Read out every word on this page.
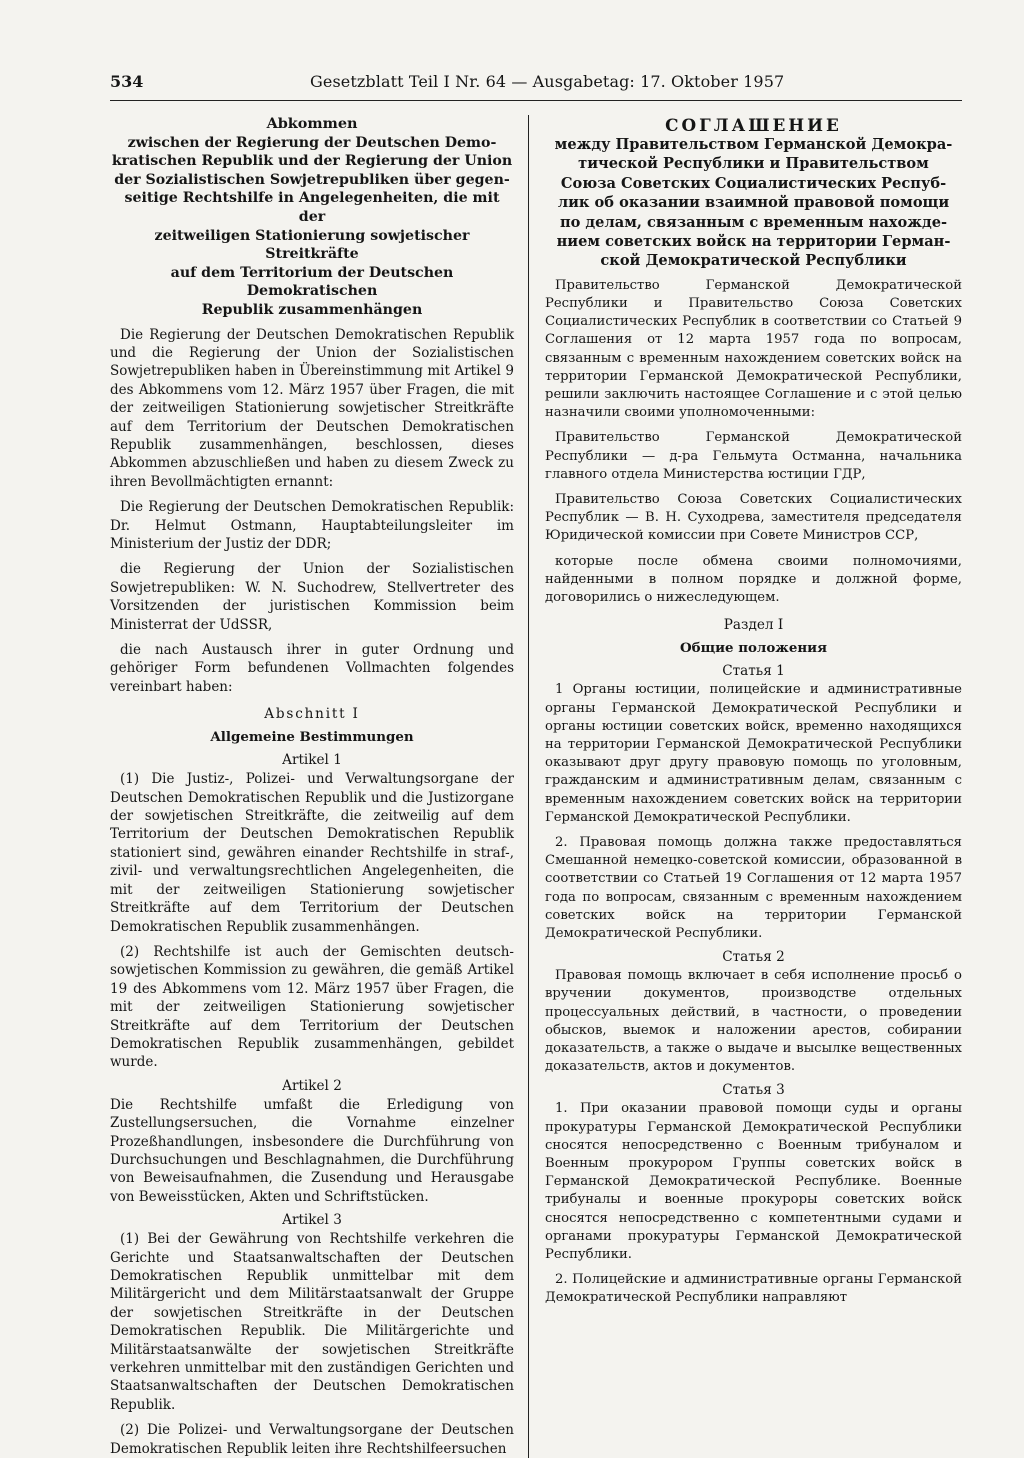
534	Gesetzblatt Teil I Nr. 64 — Ausgabetag: 17. Oktober 1957
Abkommen
zwischen der Regierung der Deutschen Demo-
kratischen Republik und der Regierung der Union
der Sozialistischen Sowjetrepubliken über gegen-
seitige Rechtshilfe in Angelegenheiten, die mit der
zeitweiligen Stationierung sowjetischer Streitkräfte
auf dem Territorium der Deutschen Demokratischen
Republik zusammenhängen

Die Regierung der Deutschen Demokratischen Republik und die Regierung der Union der Sozialistischen Sowjetrepubliken haben in Übereinstimmung mit Artikel 9 des Abkommens vom 12. März 1957 über Fragen, die mit der zeitweiligen Stationierung sowjetischer Streitkräfte auf dem Territorium der Deutschen Demokratischen Republik zusammenhängen, beschlossen, dieses Abkommen abzuschließen und haben zu diesem Zweck zu ihren Bevollmächtigten ernannt:

Die Regierung der Deutschen Demokratischen Republik: Dr. Helmut Ostmann, Hauptabteilungsleiter im Ministerium der Justiz der DDR;

die Regierung der Union der Sozialistischen Sowjetrepubliken: W. N. Suchodrew, Stellvertreter des Vorsitzenden der juristischen Kommission beim Ministerrat der UdSSR,

die nach Austausch ihrer in guter Ordnung und gehöriger Form befundenen Vollmachten folgendes vereinbart haben:

Abschnitt I
Allgemeine Bestimmungen
Artikel 1

(1) Die Justiz-, Polizei- und Verwaltungsorgane der Deutschen Demokratischen Republik und die Justizorgane der sowjetischen Streitkräfte, die zeitweilig auf dem Territorium der Deutschen Demokratischen Republik stationiert sind, gewähren einander Rechtshilfe in straf-, zivil- und verwaltungsrechtlichen Angelegenheiten, die mit der zeitweiligen Stationierung sowjetischer Streitkräfte auf dem Territorium der Deutschen Demokratischen Republik zusammenhängen.

(2) Rechtshilfe ist auch der Gemischten deutsch-sowjetischen Kommission zu gewähren, die gemäß Artikel 19 des Abkommens vom 12. März 1957 über Fragen, die mit der zeitweiligen Stationierung sowjetischer Streitkräfte auf dem Territorium der Deutschen Demokratischen Republik zusammenhängen, gebildet wurde.

Artikel 2

Die Rechtshilfe umfaßt die Erledigung von Zustellungsersuchen, die Vornahme einzelner Prozeßhandlungen, insbesondere die Durchführung von Durchsuchungen und Beschlagnahmen, die Durchführung von Beweisaufnahmen, die Zusendung und Herausgabe von Beweisstücken, Akten und Schriftstücken.

Artikel 3

(1) Bei der Gewährung von Rechtshilfe verkehren die Gerichte und Staatsanwaltschaften der Deutschen Demokratischen Republik unmittelbar mit dem Militärgericht und dem Militärstaatsanwalt der Gruppe der sowjetischen Streitkräfte in der Deutschen Demokratischen Republik. Die Militärgerichte und Militärstaatsanwälte der sowjetischen Streitkräfte verkehren unmittelbar mit den zuständigen Gerichten und Staatsanwaltschaften der Deutschen Demokratischen Republik.

(2) Die Polizei- und Verwaltungsorgane der Deutschen Demokratischen Republik leiten ihre Rechtshilfeersuchen

СОГЛАШЕНИЕ
между Правительством Германской Демокра-
тической Республики и Правительством
Союза Советских Социалистических Респуб-
лик об оказании взаимной правовой помощи
по делам, связанным с временным нахожде-
нием советских войск на территории Герман-
ской Демократической Республики

Правительство Германской Демократической Республики и Правительство Союза Советских Социалистических Республик в соответствии со Статьей 9 Соглашения от 12 марта 1957 года по вопросам, связанным с временным нахождением советских войск на территории Германской Демократической Республики, решили заключить настоящее Соглашение и с этой целью назначили своими уполномоченными:

Правительство Германской Демократической Республики — д-ра Гельмута Остманна, начальника главного отдела Министерства юстиции ГДР,

Правительство Союза Советских Социалистических Республик — В. Н. Суходрева, заместителя председателя Юридической комиссии при Совете Министров ССР,

которые после обмена своими полномочиями, найденными в полном порядке и должной форме, договорились о нижеследующем.

Раздел I
Общие положения
Статья 1

1 Органы юстиции, полицейские и административные органы Германской Демократической Республики и органы юстиции советских войск, временно находящихся на территории Германской Демократической Республики оказывают друг другу правовую помощь по уголовным, гражданским и административным делам, связанным с временным нахождением советских войск на территории Германской Демократической Республики.

2. Правовая помощь должна также предоставляться Смешанной немецко-советской комиссии, образованной в соответствии со Статьей 19 Соглашения от 12 марта 1957 года по вопросам, связанным с временным нахождением советских войск на территории Германской Демократической Республики.

Статья 2

Правовая помощь включает в себя исполнение просьб о вручении документов, производстве отдельных процессуальных действий, в частности, о проведении обысков, выемок и наложении арестов, собирании доказательств, а также о выдаче и высылке вещественных доказательств, актов и документов.

Статья 3

1. При оказании правовой помощи суды и органы прокуратуры Германской Демократической Республики сносятся непосредственно с Военным трибуналом и Военным прокурором Группы советских войск в Германской Демократической Республике. Военные трибуналы и военные прокуроры советских войск сносятся непосредственно с компетентными судами и органами прокуратуры Германской Демократической Республики.

2. Полицейские и административные органы Германской Демократической Республики направляют
